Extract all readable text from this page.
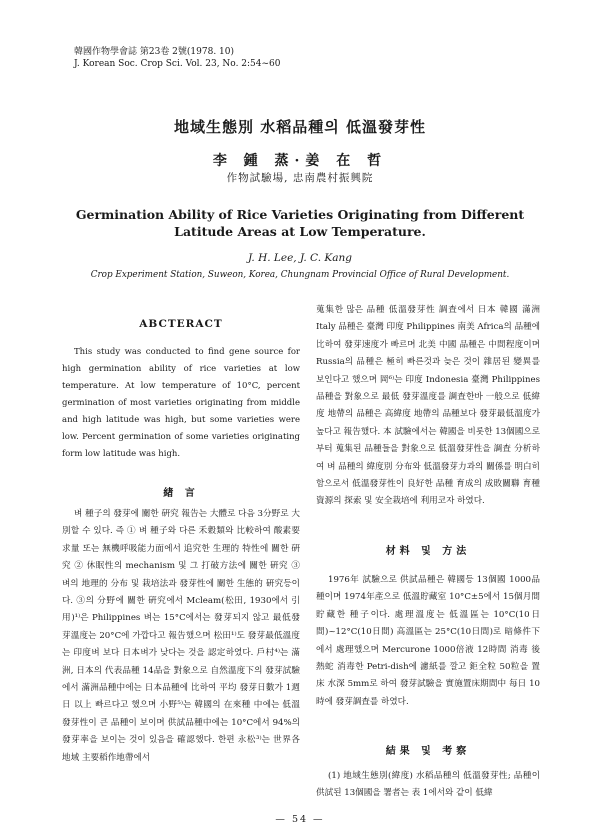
韓國作物學會誌 第23卷 2號(1978. 10)
J. Korean Soc. Crop Sci. Vol. 23, No. 2:54~60
地域生態別 水稻品種의 低溫發芽性
李 鍾 蒸·姜 在 哲
作物試驗場, 忠南農村振興院
Germination Ability of Rice Varieties Originating from Different
Latitude Areas at Low Temperature.
J. H. Lee, J. C. Kang
Crop Experiment Station, Suweon, Korea, Chungnam Provincial Office of Rural Development.
ABCTERACT

This study was conducted to find gene source for high germination ability of rice varieties at low temperature. At low temperature of 10°C, percent germination of most varieties originating from middle and high latitude was high, but some varieties were low. Percent germination of some varieties originating form low latitude was high.

緖 言

벼 種子의 發芽에 關한 硏究 報告는 大體로 다음 3分野로 大別할 수 있다. 즉 ① 벼 種子와 다른 禾穀類와 比較하여 酸素要求量 또는 無機呼吸能力面에서 追究한 生理的 特性에 關한 硏究 ② 休眠性의 mechanism 및 그 打破方法에 關한 硏究 ③ 벼의 地理的 分布 및 栽培法과 發芽性에 關한 生態的 硏究등이다. ③의 分野에 關한 硏究에서 Mcleam(松田, 1930에서 引用)¹⁾은 Philippines 벼는 15°C에서는 發芽되지 않고 最低發芽溫度는 20°C에 가깝다고 報告했으며 松田¹⁾도 發芽最低溫度는 印度벼 보다 日本벼가 낮다는 것을 認定하였다. 戶村⁴⁾는 滿洲, 日本의 代表品種 14品을 對象으로 自然溫度下의 發芽試驗에서 滿洲品種中에는 日本品種에 比하여 平均 發芽日數가 1週日 以上 빠르다고 했으며 小野⁵⁾는 韓國의 在來種 中에는 低溫 發芽性이 큰 品種이 보이며 供試品種中에는 10°C에서 94%의 發芽率을 보이는 것이 있음을 確認했다. 한편 永松³⁾는 世界各地域 主要稻作地帶에서

蒐集한 많은 品種 低溫發芽性 調査에서 日本 韓國 滿洲 Italy 品種은 臺灣 印度 Philippines 南美 Africa의 品種에 比하여 發芽速度가 빠르며 北美 中國 品種은 中間程度이며 Russia의 品種은 極히 빠른것과 늦은 것이 雜居된 變異를 보인다고 했으며 岡⁶⁾는 印度 Indonesia 臺灣 Philippines 品種을 對象으로 最低 發芽溫度를 調査한바 一般으로 低緯度 地帶의 品種은 高緯度 地帶의 品種보다 發芽最低溫度가 높다고 報告했다. 本 試驗에서는 韓國을 비롯한 13個國으로부터 蒐集된 品種들을 對象으로 低溫發芽性을 調査 分析하여 벼 品種의 緯度別 分布와 低溫發芽力과의 關係를 明白히 함으로서 低溫發芽性이 良好한 品種 育成의 成敗關聯 育種資源의 探索 및 安全栽培에 利用코자 하였다.

材料 및 方法

1976年 試驗으로 供試品種은 韓國등 13個國 1000品種이며 1974年產으로 低溫貯藏室 10°C±5에서 15個月間 貯藏한 種子이다. 處理溫度는 低溫區는 10°C(10日間)~12°C(10日間) 高溫區는 25°C(10日間)로 暗條件下에서 處理했으며 Mercurone 1000倍液 12時間 消毒 後 熱蛇 消毒한 Petri-dish에 濾紙를 깔고 鉅全粒 50粒을 置床 水深 5mm로 하여 發芽試驗을 實施置床期間中 每日 10時에 發芽調査를 하였다.

結果 및 考察

(1) 地域生態別(緯度) 水稻品種의 低溫發芽性; 品種이 供試된 13個國을 署者는 表 1에서와 같이 低緯

— 54 —
